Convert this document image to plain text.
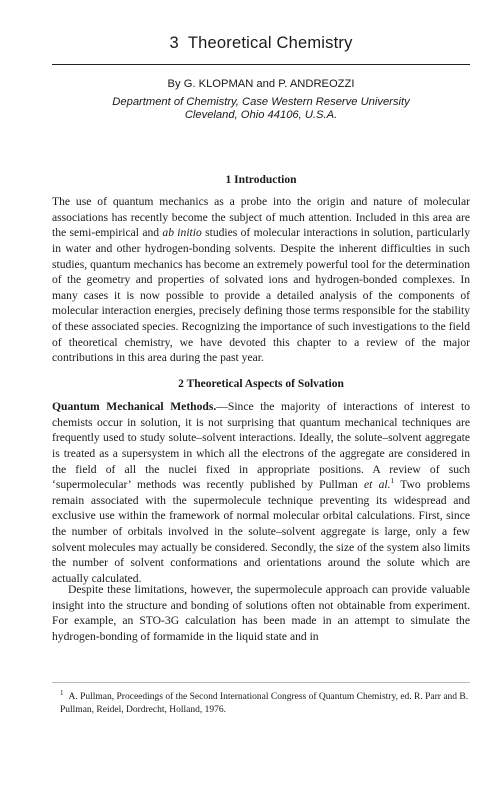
3 Theoretical Chemistry
By G. KLOPMAN and P. ANDREOZZI
Department of Chemistry, Case Western Reserve University
Cleveland, Ohio 44106, U.S.A.
1 Introduction

The use of quantum mechanics as a probe into the origin and nature of molecular associations has recently become the subject of much attention. Included in this area are the semi-empirical and ab initio studies of molecular interactions in solution, particularly in water and other hydrogen-bonding solvents. Despite the inherent difficulties in such studies, quantum mechanics has become an extremely powerful tool for the determination of the geometry and properties of solvated ions and hydrogen-bonded complexes. In many cases it is now possible to provide a detailed analysis of the components of molecular interaction energies, precisely defining those terms responsible for the stability of these associated species. Recognizing the importance of such investigations to the field of theoretical chemistry, we have devoted this chapter to a review of the major contributions in this area during the past year.

2 Theoretical Aspects of Solvation

Quantum Mechanical Methods.—Since the majority of interactions of interest to chemists occur in solution, it is not surprising that quantum mechanical techniques are frequently used to study solute–solvent interactions. Ideally, the solute–solvent aggregate is treated as a supersystem in which all the electrons of the aggregate are considered in the field of all the nuclei fixed in appropriate positions. A review of such ‘supermolecular’ methods was recently published by Pullman et al.$^1$ Two problems remain associated with the supermolecule technique preventing its widespread and exclusive use within the framework of normal molecular orbital calculations. First, since the number of orbitals involved in the solute–solvent aggregate is large, only a few solvent molecules may actually be considered. Secondly, the size of the system also limits the number of solvent conformations and orientations around the solute which are actually calculated.

Despite these limitations, however, the supermolecule approach can provide valuable insight into the structure and bonding of solutions often not obtainable from experiment. For example, an STO-3G calculation has been made in an attempt to simulate the hydrogen-bonding of formamide in the liquid state and in

$^1$ A. Pullman, Proceedings of the Second International Congress of Quantum Chemistry, ed. R. Parr and B. Pullman, Reidel, Dordrecht, Holland, 1976.
